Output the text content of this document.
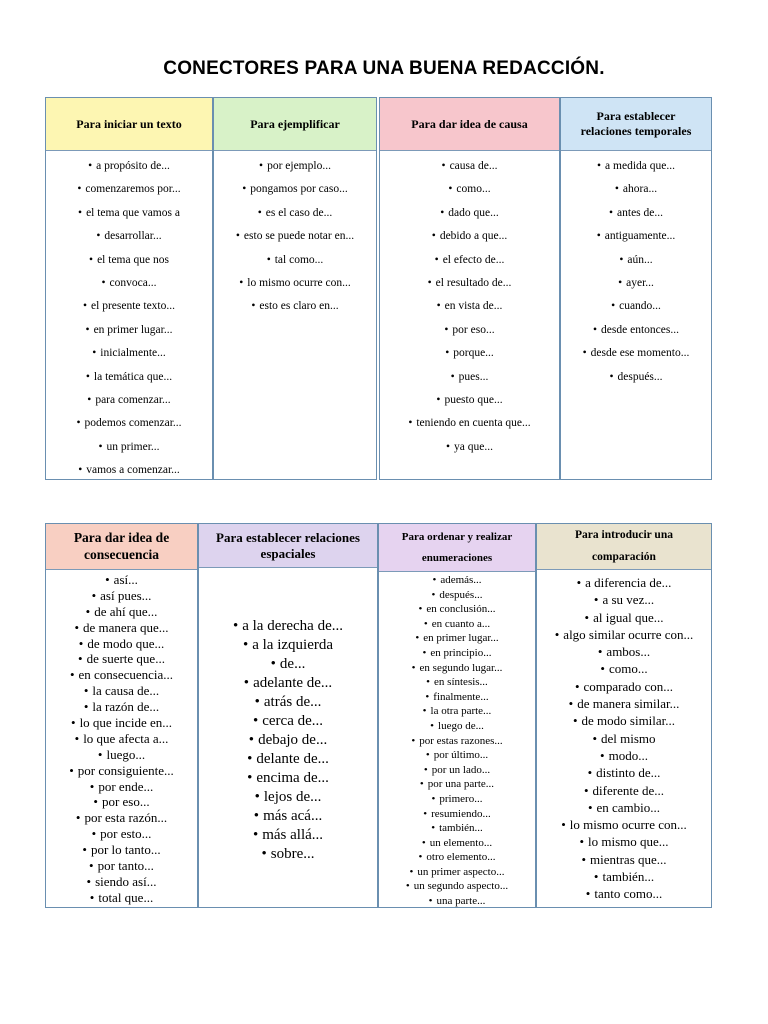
CONECTORES PARA UNA BUENA REDACCIÓN.
Para iniciar un texto
• a propósito de...
• comenzaremos por...
• el tema que vamos a
• desarrollar...
• el tema que nos
• convoca...
• el presente texto...
• en primer lugar...
• inicialmente...
• la temática que...
• para comenzar...
• podemos comenzar...
• un primer...
• vamos a comenzar...
Para ejemplificar
• por ejemplo...
• pongamos por caso...
• es el caso de...
• esto se puede notar en...
• tal como...
• lo mismo ocurre con...
• esto es claro en...
Para dar idea de causa
• causa de...
• como...
• dado que...
• debido a que...
• el efecto de...
• el resultado de...
• en vista de...
• por eso...
• porque...
• pues...
• puesto que...
• teniendo en cuenta que...
• ya que...
Para establecer relaciones temporales
• a medida que...
• ahora...
• antes de...
• antiguamente...
• aún...
• ayer...
• cuando...
• desde entonces...
• desde ese momento...
• después...
Para dar idea de consecuencia
• así...
• así pues...
• de ahí que...
• de manera que...
• de modo que...
• de suerte que...
• en consecuencia...
• la causa de...
• la razón de...
• lo que incide en...
• lo que afecta a...
• luego...
• por consiguiente...
• por ende...
• por eso...
• por esta razón...
• por esto...
• por lo tanto...
• por tanto...
• siendo así...
• total que...
Para establecer relaciones espaciales
• a la derecha de...
• a la izquierda
• de...
• adelante de...
• atrás de...
• cerca de...
• debajo de...
• delante de...
• encima de...
• lejos de...
• más acá...
• más allá...
• sobre...
Para ordenar y realizar enumeraciones
• además...
• después...
• en conclusión...
• en cuanto a...
• en primer lugar...
• en principio...
• en segundo lugar...
• en síntesis...
• finalmente...
• la otra parte...
• luego de...
• por estas razones...
• por último...
• por un lado...
• por una parte...
• primero...
• resumiendo...
• también...
• un elemento...
• otro elemento...
• un primer aspecto...
• un segundo aspecto...
• una parte...
Para introducir una comparación
• a diferencia de...
• a su vez...
• al igual que...
• algo similar ocurre con...
• ambos...
• como...
• comparado con...
• de manera similar...
• de modo similar...
• del mismo
• modo...
• distinto de...
• diferente de...
• en cambio...
• lo mismo ocurre con...
• lo mismo que...
• mientras que...
• también...
• tanto como...
